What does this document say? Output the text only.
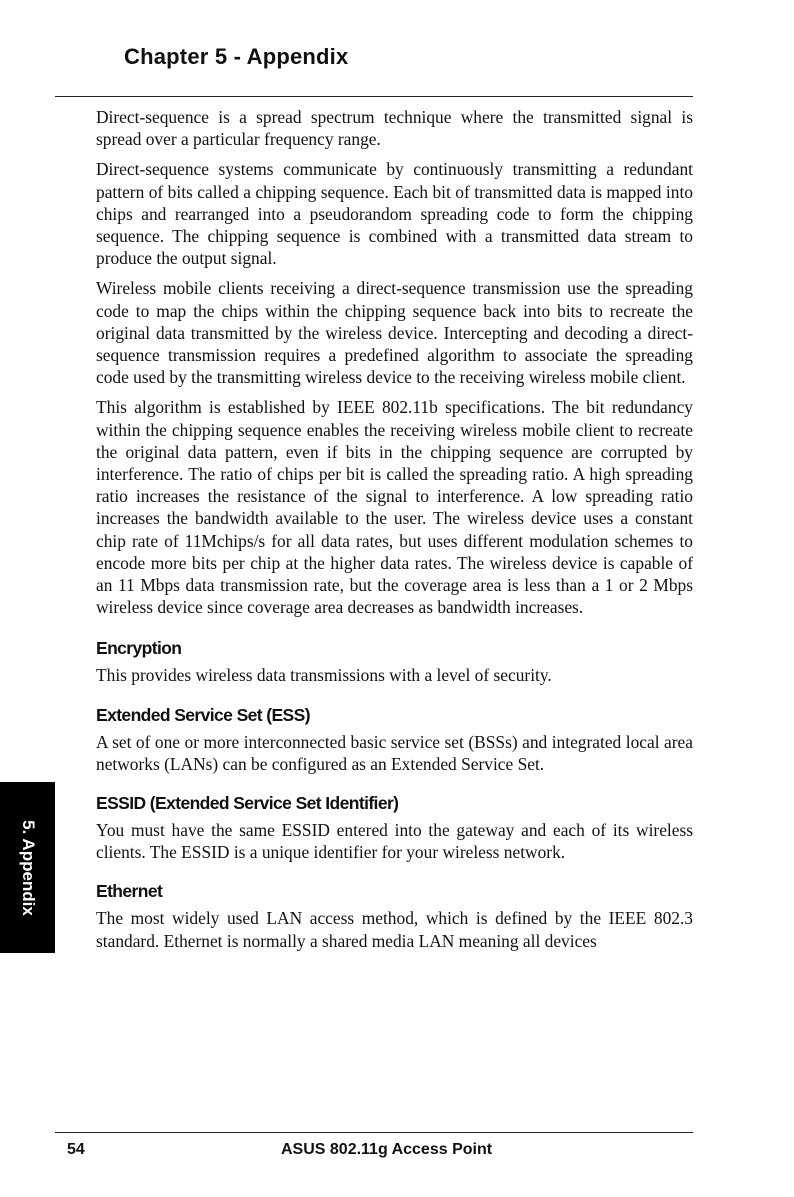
Chapter 5 - Appendix

Direct-sequence is a spread spectrum technique where the transmitted signal is spread over a particular frequency range.

Direct-sequence systems communicate by continuously transmitting a redundant pattern of bits called a chipping sequence. Each bit of transmitted data is mapped into chips and rearranged into a pseudorandom spreading code to form the chipping sequence. The chipping sequence is combined with a transmitted data stream to produce the output signal.

Wireless mobile clients receiving a direct-sequence transmission use the spreading code to map the chips within the chipping sequence back into bits to recreate the original data transmitted by the wireless device. Intercepting and decoding a direct-sequence transmission requires a predefined algorithm to associate the spreading code used by the transmitting wireless device to the receiving wireless mobile client.

This algorithm is established by IEEE 802.11b specifications. The bit redundancy within the chipping sequence enables the receiving wireless mobile client to recreate the original data pattern, even if bits in the chipping sequence are corrupted by interference. The ratio of chips per bit is called the spreading ratio. A high spreading ratio increases the resistance of the signal to interference. A low spreading ratio increases the bandwidth available to the user. The wireless device uses a constant chip rate of 11Mchips/s for all data rates, but uses different modulation schemes to encode more bits per chip at the higher data rates. The wireless device is capable of an 11 Mbps data transmission rate, but the coverage area is less than a 1 or 2 Mbps wireless device since coverage area decreases as bandwidth increases.

Encryption

This provides wireless data transmissions with a level of security.

Extended Service Set (ESS)

A set of one or more interconnected basic service set (BSSs) and integrated local area networks (LANs) can be configured as an Extended Service Set.

ESSID (Extended Service Set Identifier)

You must have the same ESSID entered into the gateway and each of its wireless clients. The ESSID is a unique identifier for your wireless network.

Ethernet

The most widely used LAN access method, which is defined by the IEEE 802.3 standard. Ethernet is normally a shared media LAN meaning all devices

5. Appendix
54	ASUS 802.11g Access Point
